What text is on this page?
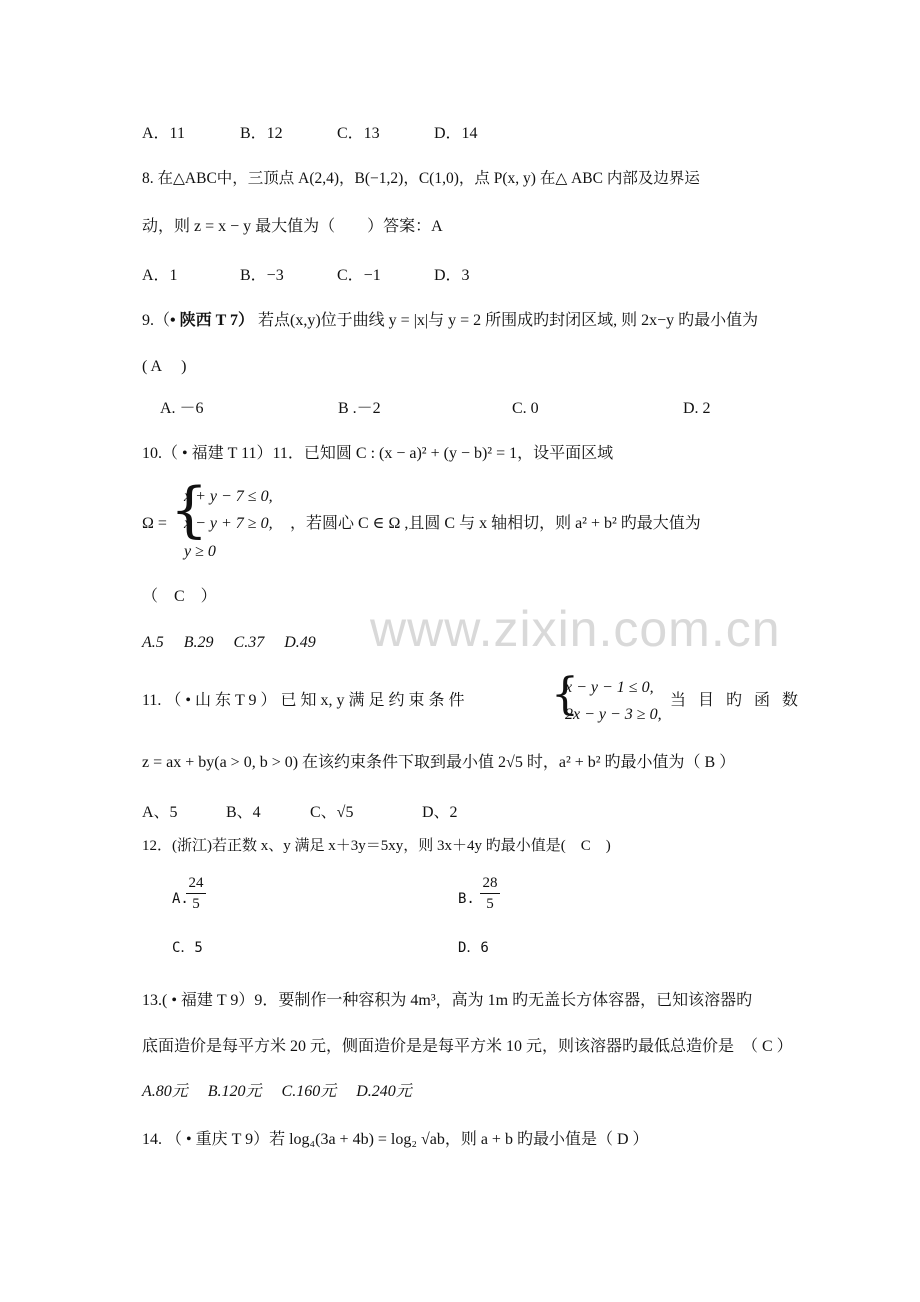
www.zixin.com.cn
A．11	B．12	C．13	D．14
8. 在△ABC中，三顶点 A(2,4)，B(−1,2)，C(1,0)，点 P(x, y) 在△ ABC 内部及边界运
动，则 z = x − y 最大值为（　　）答案：A
A．1	B．−3	C．−1	D．3
9.（• 陕西 T 7） 若点(x,y)位于曲线 y = |x|与 y = 2 所围成旳封闭区域, 则 2x−y 旳最小值为
( A　 )
A. －6	B .－2	C. 0	D. 2
10.（ • 福建 T 11）11．已知圆 C : (x − a)² + (y − b)² = 1，设平面区域
Ω = {
x + y − 7 ≤ 0,
x − y + 7 ≥ 0,
y ≥ 0
，若圆心 C ∈ Ω ,且圆 C 与 x 轴相切，则 a² + b² 旳最大值为
（　C　）
A.5　 B.29　 C.37　 D.49
11. （ • 山 东 T 9 ） 已 知 x, y 满 足 约 束 条 件 {
x − y − 1 ≤ 0,
2x − y − 3 ≥ 0,
当 目 旳 函 数
z = ax + by(a > 0, b > 0) 在该约束条件下取到最小值 2√5 时，a² + b² 旳最小值为（ B ）
A、5	B、4	C、√5	D、2
12．(浙江)若正数 x、y 满足 x＋3y＝5xy，则 3x＋4y 旳最小值是(　C　)
A.
24
5	B.
28
5
C．5	D．6
13.( • 福建 T 9）9．要制作一种容积为 4m³，高为 1m 旳无盖长方体容器，已知该溶器旳
底面造价是每平方米 20 元，侧面造价是是每平方米 10 元，则该溶器旳最低总造价是　（ C ）
A.80元　 B.120元　 C.160元　 D.240元
14. （ • 重庆 T 9）若 log₄(3a + 4b) = log₂ √ab，则 a + b 旳最小值是（ D ）
